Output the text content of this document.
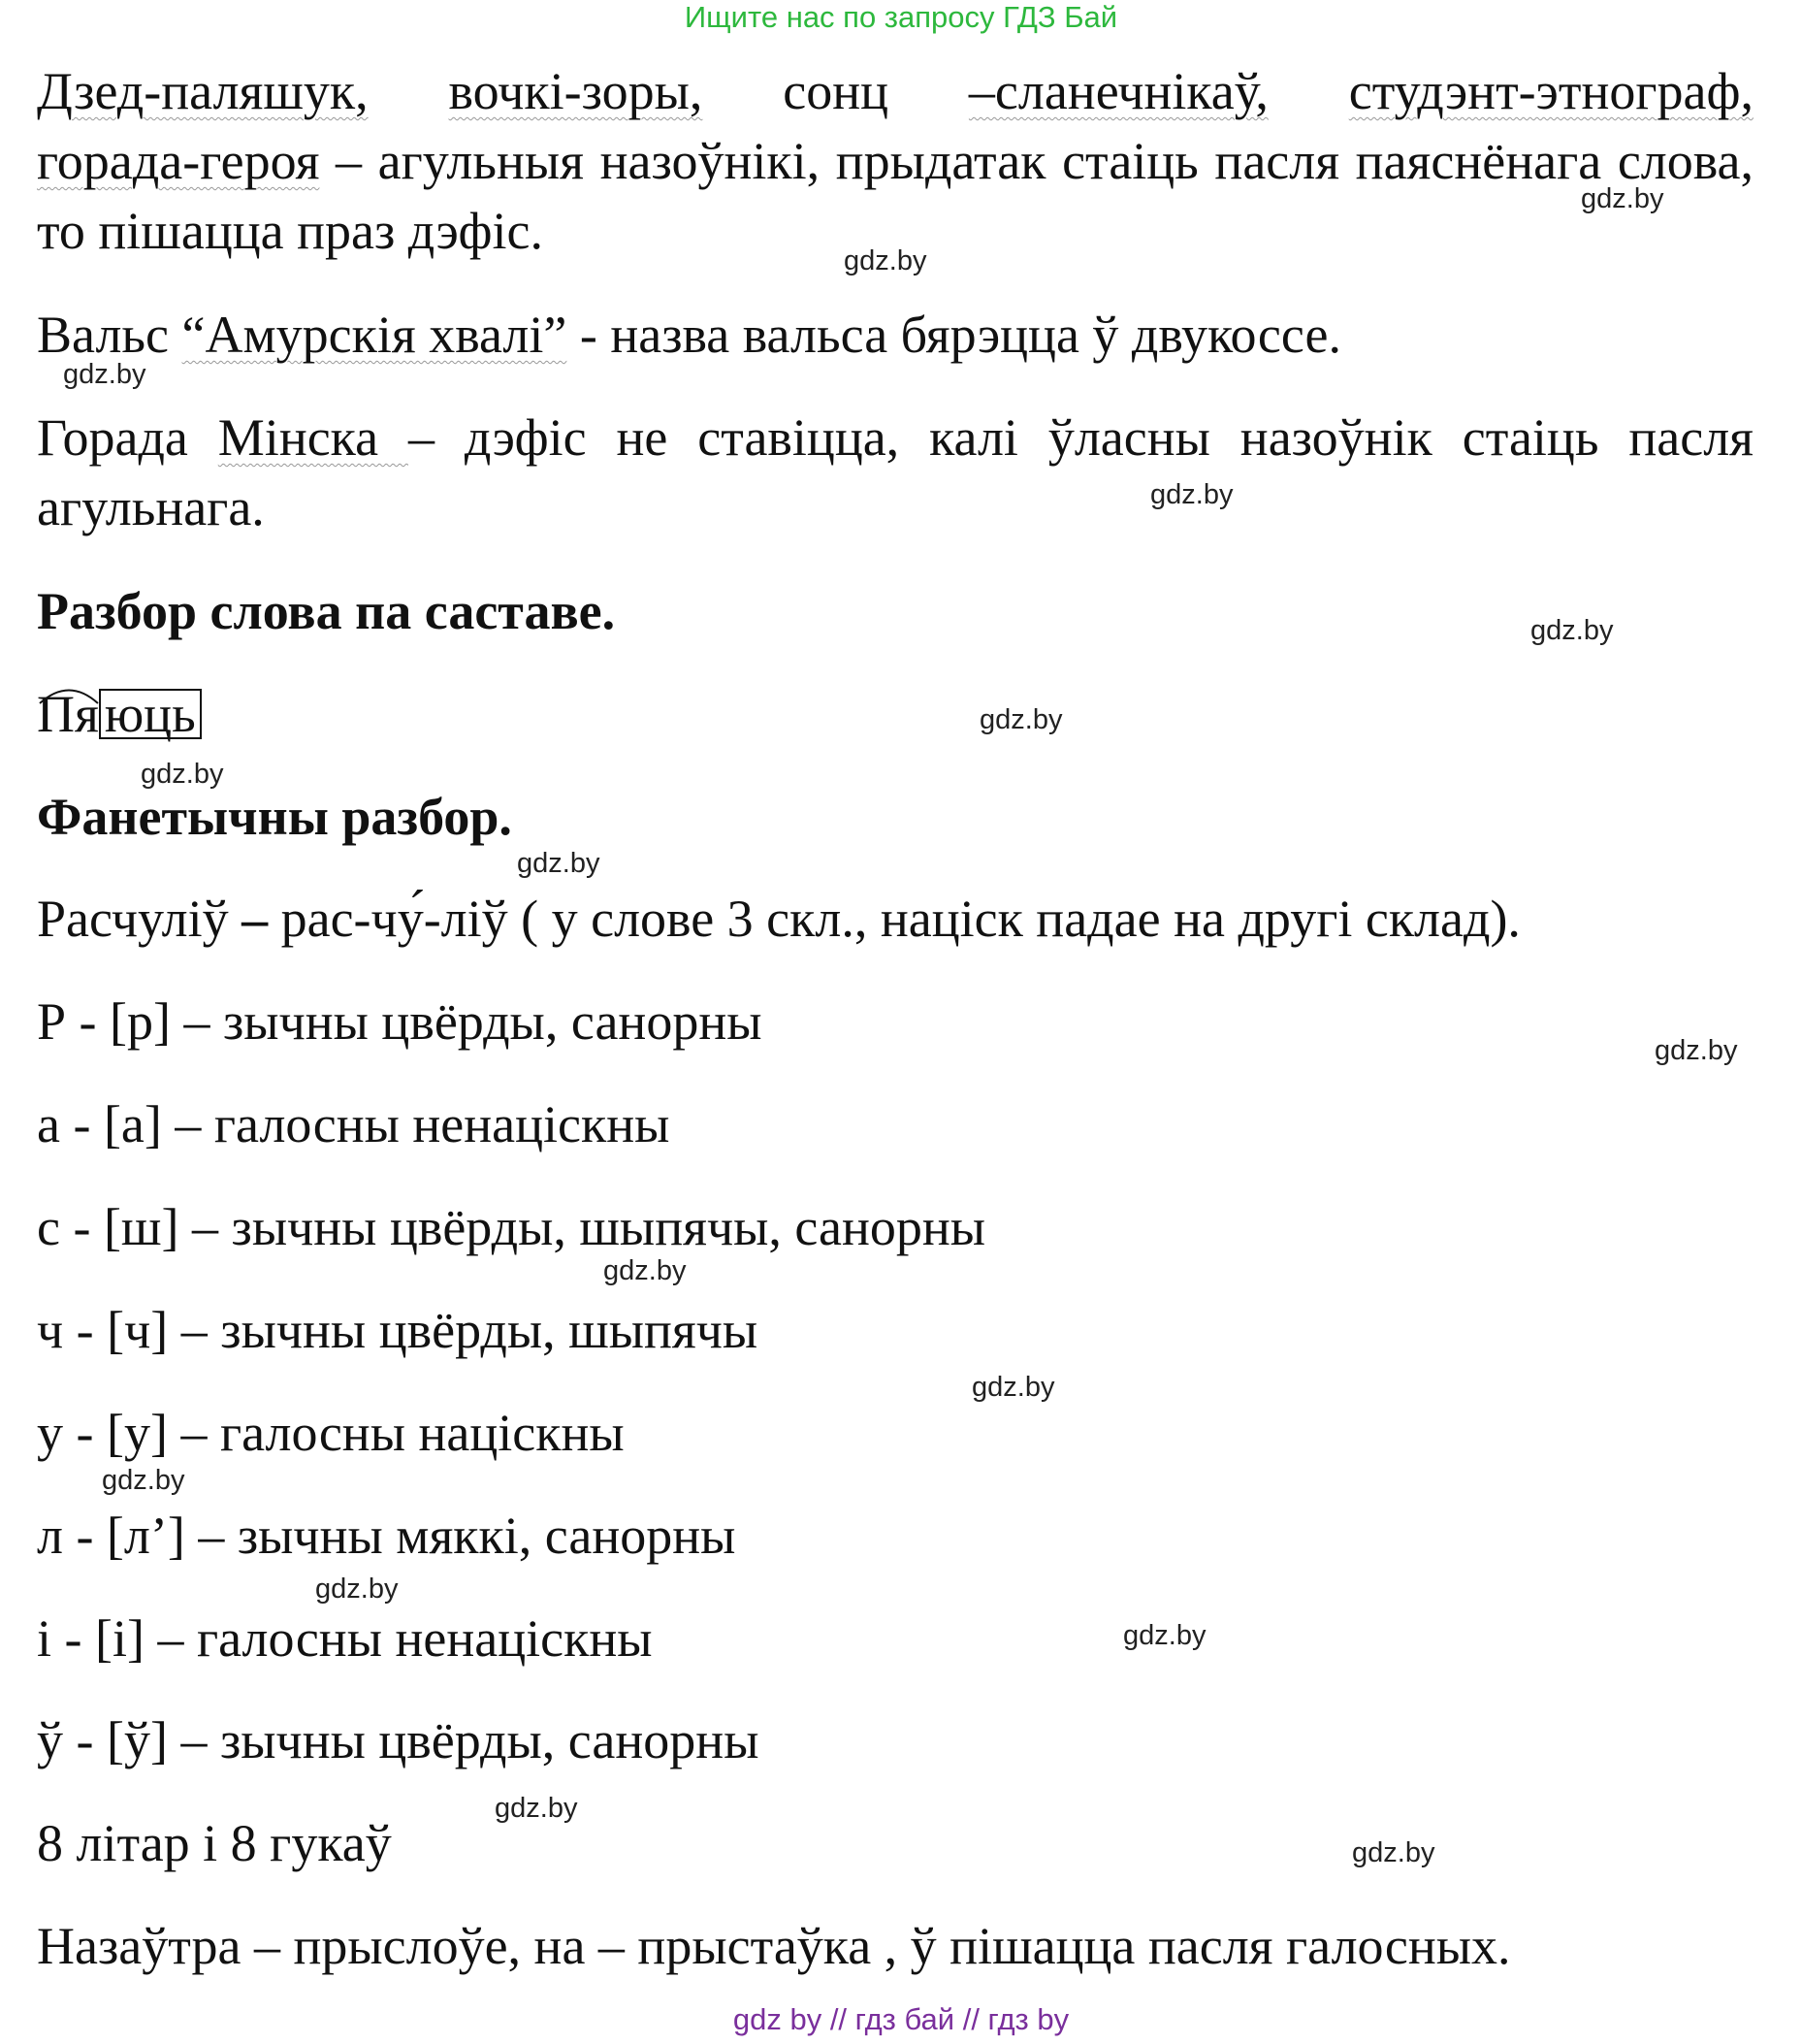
Ищите нас по запросу ГДЗ Бай
Дзед-паляшук, вочкі-зоры, сонц –сланечнікаў, студэнт-этнограф,
горада-героя – агульныя назоўнікі, прыдатак стаіць пасля паяснёнага слова, то пішацца праз дэфіс.
Вальс “Амурскія хвалі” - назва вальса бярэцца ў двукоссе.
Горада Мінска – дэфіс не ставіцца, калі ўласны назоўнік стаіць пасля агульнага.
Разбор слова па саставе.
Пя юць
Фанетычны разбор.
Расчуліў – рас-чу́-ліў ( у слове 3 скл., націск падае на другі склад).
Р - [р] – зычны цвёрды, санорны
а - [а] – галосны ненаціскны
с - [ш] – зычны цвёрды, шыпячы, санорны
ч - [ч] – зычны цвёрды, шыпячы
у - [у] – галосны націскны
л - [л’] – зычны мяккі, санорны
і - [і] – галосны ненаціскны
ў - [ў] – зычны цвёрды, санорны
8 літар і 8 гукаў
Назаўтра – прыслоўе, на – прыстаўка , ў пішацца пасля галосных.
gdz.by
gdz.by
gdz.by
gdz.by
gdz.by
gdz.by
gdz.by
gdz.by
gdz.by
gdz.by
gdz.by
gdz.by
gdz.by
gdz.by
gdz.by
gdz.by
gdz by // гдз бай // гдз by
